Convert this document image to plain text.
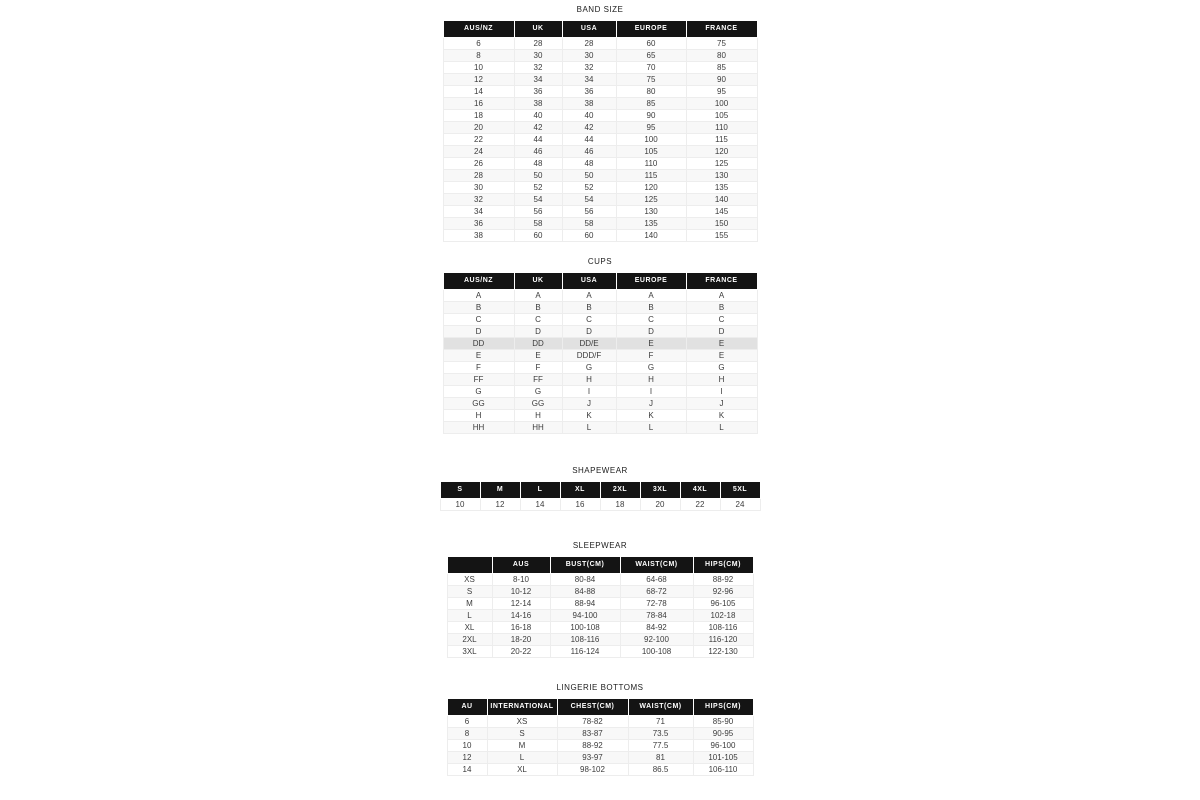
BAND SIZE
AUS/NZ	UK	USA	EUROPE	FRANCE
6	28	28	60	75
8	30	30	65	80
10	32	32	70	85
12	34	34	75	90
14	36	36	80	95
16	38	38	85	100
18	40	40	90	105
20	42	42	95	110
22	44	44	100	115
24	46	46	105	120
26	48	48	110	125
28	50	50	115	130
30	52	52	120	135
32	54	54	125	140
34	56	56	130	145
36	58	58	135	150
38	60	60	140	155
CUPS
AUS/NZ	UK	USA	EUROPE	FRANCE
A	A	A	A	A
B	B	B	B	B
C	C	C	C	C
D	D	D	D	D
DD	DD	DD/E	E	E
E	E	DDD/F	F	E
F	F	G	G	G
FF	FF	H	H	H
G	G	I	I	I
GG	GG	J	J	J
H	H	K	K	K
HH	HH	L	L	L
SHAPEWEAR
S	M	L	XL	2XL	3XL	4XL	5XL
10	12	14	16	18	20	22	24
SLEEPWEAR
	AUS	BUST(CM)	WAIST(CM)	HIPS(CM)
XS	8-10	80-84	64-68	88-92
S	10-12	84-88	68-72	92-96
M	12-14	88-94	72-78	96-105
L	14-16	94-100	78-84	102-18
XL	16-18	100-108	84-92	108-116
2XL	18-20	108-116	92-100	116-120
3XL	20-22	116-124	100-108	122-130
LINGERIE BOTTOMS
AU	INTERNATIONAL	CHEST(CM)	WAIST(CM)	HIPS(CM)
6	XS	78-82	71	85-90
8	S	83-87	73.5	90-95
10	M	88-92	77.5	96-100
12	L	93-97	81	101-105
14	XL	98-102	86.5	106-110
